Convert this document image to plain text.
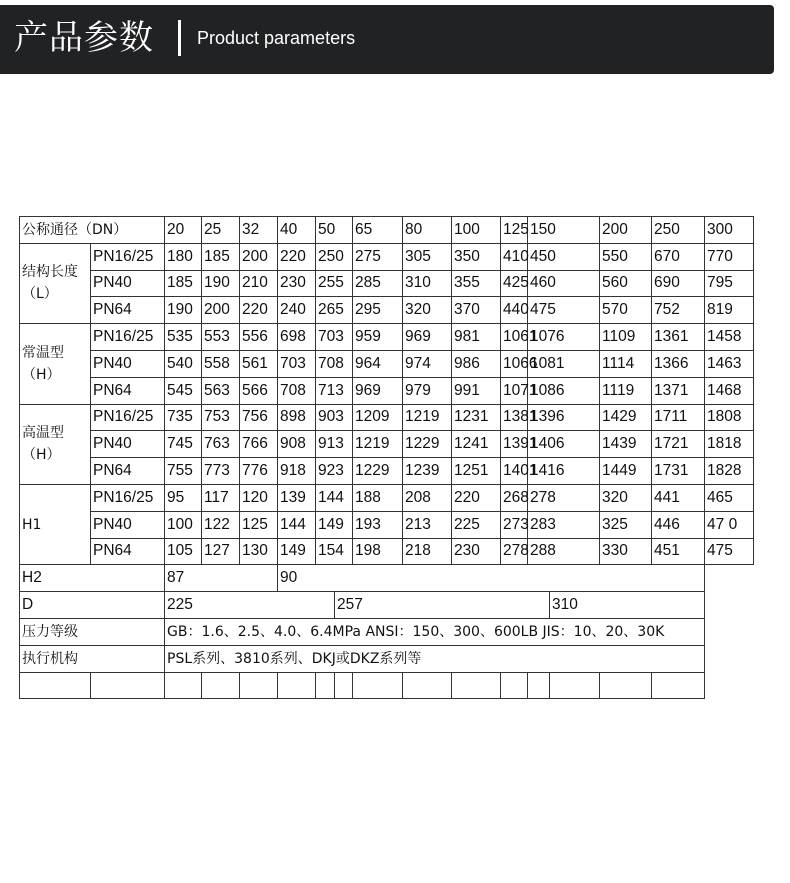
产品参数 Product parameters
公称通径（DN）		20	25	32	40	50		65	80	100	125	150		200	250	300

结构长度
（L）	PN16/25	180	185	200	220	250		275	305	350	410	450		550	670	770
	PN40	185	190	210	230	255		285	310	355	425	460		560	690	795
	PN64	190	200	220	240	265		295	320	370	440	475		570	752	819

常温型
（H）	PN16/25	535	553	556	698	703		959	969	981	1061	1076		1109	1361	1458
	PN40	540	558	561	703	708		964	974	986	1066	1081		1114	1366	1463
	PN64	545	563	566	708	713		969	979	991	1071	1086		1119	1371	1468

高温型
（H）	PN16/25	735	753	756	898	903		1209	1219	1231	1381	1396		1429	1711	1808
	PN40	745	763	766	908	913		1219	1229	1241	1391	1406		1439	1721	1818
	PN64	755	773	776	918	923		1229	1239	1251	1401	1416		1449	1731	1828

H1	PN16/25	95	117	120	139	144		188	208	220	268	278		320	441	465
	PN40	100	122	125	144	149		193	213	225	273	283		325	446	47 0
	PN64	105	127	130	149	154		198	218	230	278	288		330	451	475
H2		87			90											
D		225					257						310			
压力等级		GB：1.6、2.5、4.0、6.4MPa ANSI：150、300、600LB JIS：10、20、30K														
执行机构		PSL系列、3810系列、DKJ或DKZ系列等														
